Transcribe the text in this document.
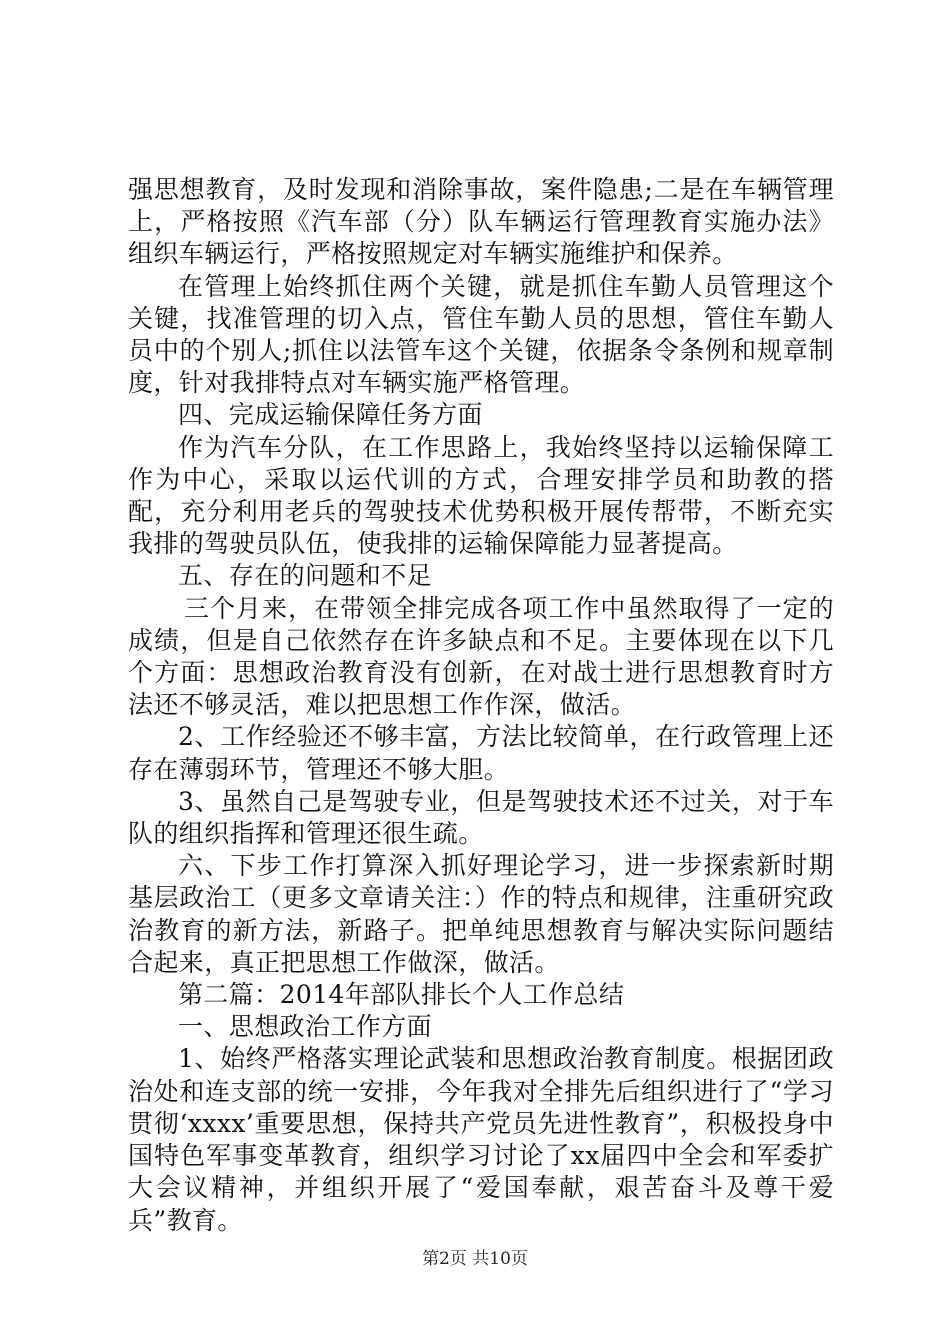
强思想教育，及时发现和消除事故，案件隐患;二是在车辆管理上，严格按照《汽车部（分）队车辆运行管理教育实施办法》组织车辆运行，严格按照规定对车辆实施维护和保养。

在管理上始终抓住两个关键，就是抓住车勤人员管理这个关键，找准管理的切入点，管住车勤人员的思想，管住车勤人员中的个别人;抓住以法管车这个关键，依据条令条例和规章制度，针对我排特点对车辆实施严格管理。

四、完成运输保障任务方面

作为汽车分队，在工作思路上，我始终坚持以运输保障工作为中心，采取以运代训的方式，合理安排学员和助教的搭配，充分利用老兵的驾驶技术优势积极开展传帮带，不断充实我排的驾驶员队伍，使我排的运输保障能力显著提高。

五、存在的问题和不足

三个月来，在带领全排完成各项工作中虽然取得了一定的成绩，但是自己依然存在许多缺点和不足。主要体现在以下几个方面：思想政治教育没有创新，在对战士进行思想教育时方法还不够灵活，难以把思想工作作深，做活。

2、工作经验还不够丰富，方法比较简单，在行政管理上还存在薄弱环节，管理还不够大胆。

3、虽然自己是驾驶专业，但是驾驶技术还不过关，对于车队的组织指挥和管理还很生疏。

六、下步工作打算深入抓好理论学习，进一步探索新时期基层政治工（更多文章请关注：）作的特点和规律，注重研究政治教育的新方法，新路子。把单纯思想教育与解决实际问题结合起来，真正把思想工作做深，做活。

第二篇：2014年部队排长个人工作总结

一、思想政治工作方面

1、始终严格落实理论武装和思想政治教育制度。根据团政治处和连支部的统一安排，今年我对全排先后组织进行了“学习贯彻‘xxxx’重要思想，保持共产党员先进性教育”，积极投身中国特色军事变革教育，组织学习讨论了xx届四中全会和军委扩大会议精神，并组织开展了“爱国奉献，艰苦奋斗及尊干爱兵”教育。

第2页 共10页
